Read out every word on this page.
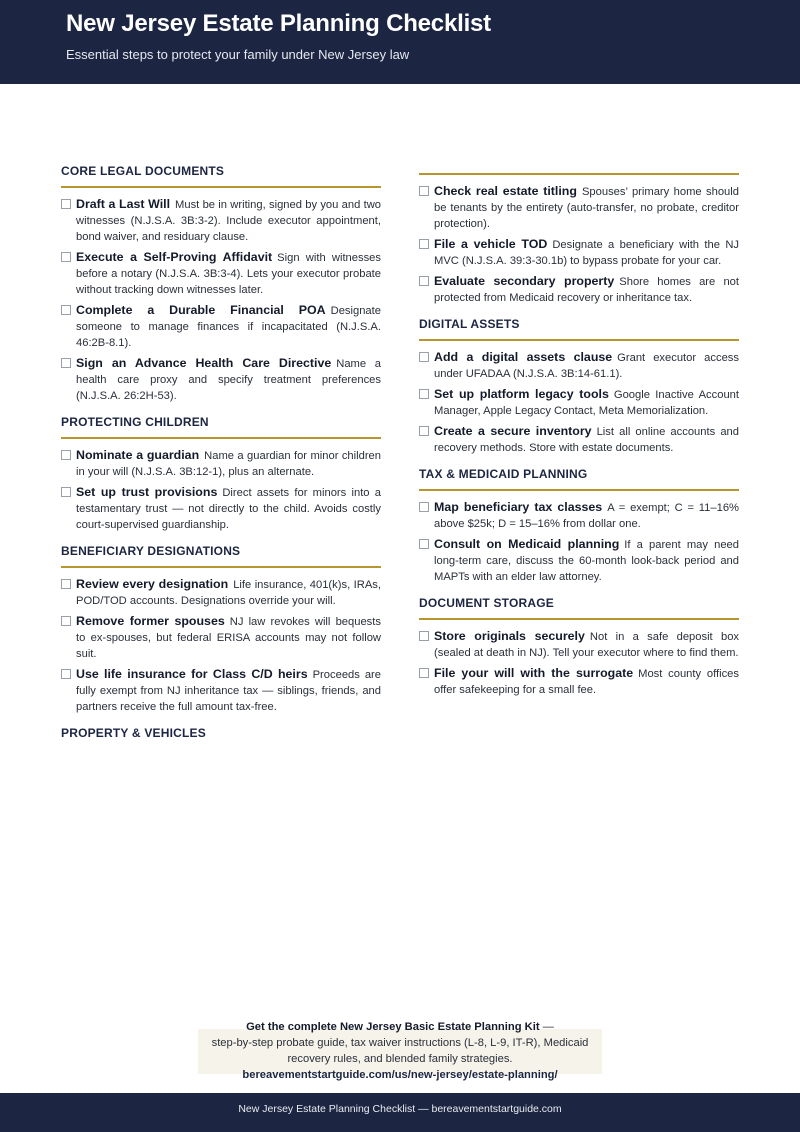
New Jersey Estate Planning Checklist
Essential steps to protect your family under New Jersey law
CORE LEGAL DOCUMENTS
Draft a Last Will Must be in writing, signed by you and two witnesses (N.J.S.A. 3B:3-2). Include executor appointment, bond waiver, and residuary clause.
Execute a Self-Proving Affidavit Sign with witnesses before a notary (N.J.S.A. 3B:3-4). Lets your executor probate without tracking down witnesses later.
Complete a Durable Financial POA Designate someone to manage finances if incapacitated (N.J.S.A. 46:2B-8.1).
Sign an Advance Health Care Directive Name a health care proxy and specify treatment preferences (N.J.S.A. 26:2H-53).
PROTECTING CHILDREN
Nominate a guardian Name a guardian for minor children in your will (N.J.S.A. 3B:12-1), plus an alternate.
Set up trust provisions Direct assets for minors into a testamentary trust — not directly to the child. Avoids costly court-supervised guardianship.
BENEFICIARY DESIGNATIONS
Review every designation Life insurance, 401(k)s, IRAs, POD/TOD accounts. Designations override your will.
Remove former spouses NJ law revokes will bequests to ex-spouses, but federal ERISA accounts may not follow suit.
Use life insurance for Class C/D heirs Proceeds are fully exempt from NJ inheritance tax — siblings, friends, and partners receive the full amount tax-free.
PROPERTY & VEHICLES
Check real estate titling Spouses’ primary home should be tenants by the entirety (auto-transfer, no probate, creditor protection).
File a vehicle TOD Designate a beneficiary with the NJ MVC (N.J.S.A. 39:3-30.1b) to bypass probate for your car.
Evaluate secondary property Shore homes are not protected from Medicaid recovery or inheritance tax.
DIGITAL ASSETS
Add a digital assets clause Grant executor access under UFADAA (N.J.S.A. 3B:14-61.1).
Set up platform legacy tools Google Inactive Account Manager, Apple Legacy Contact, Meta Memorialization.
Create a secure inventory List all online accounts and recovery methods. Store with estate documents.
TAX & MEDICAID PLANNING
Map beneficiary tax classes A = exempt; C = 11–16% above $25k; D = 15–16% from dollar one.
Consult on Medicaid planning If a parent may need long-term care, discuss the 60-month look-back period and MAPTs with an elder law attorney.
DOCUMENT STORAGE
Store originals securely Not in a safe deposit box (sealed at death in NJ). Tell your executor where to find them.
File your will with the surrogate Most county offices offer safekeeping for a small fee.
Get the complete New Jersey Basic Estate Planning Kit —
step-by-step probate guide, tax waiver instructions (L-8, L-9, IT-R), Medicaid recovery rules, and blended family strategies.
bereavementstartguide.com/us/new-jersey/estate-planning/
New Jersey Estate Planning Checklist — bereavementstartguide.com
